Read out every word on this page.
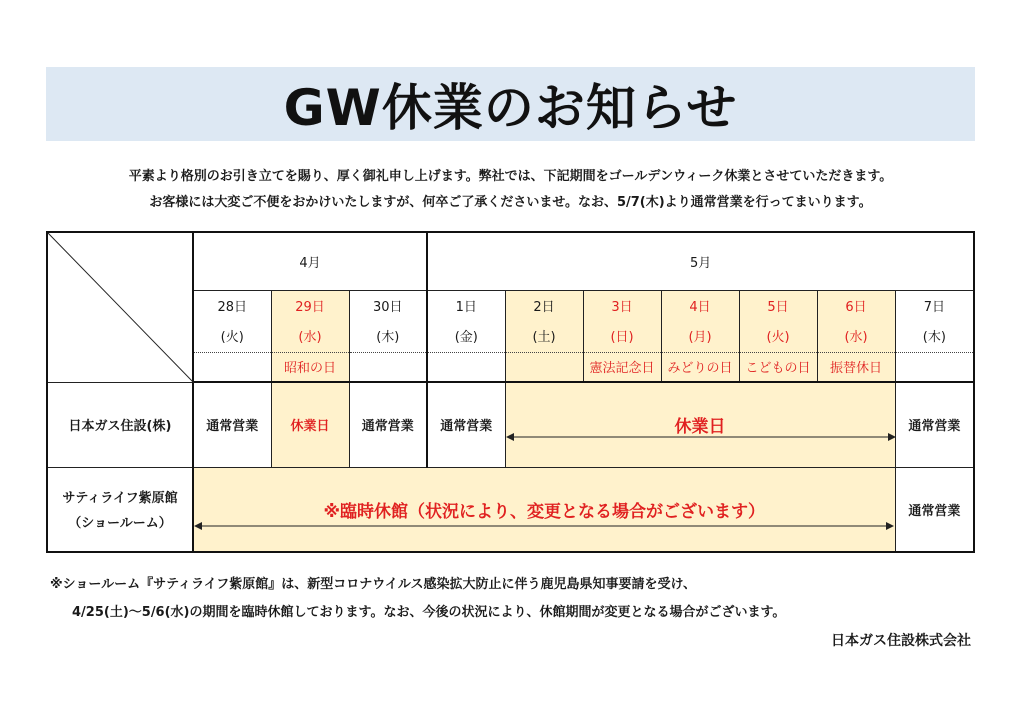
GW休業のお知らせ
平素より格別のお引き立てを賜り、厚く御礼申し上げます。弊社では、下記期間をゴールデンウィーク休業とさせていただきます。
お客様には大変ご不便をおかけいたしますが、何卒ご了承くださいませ。なお、5/7(木)より通常営業を行ってまいります。
	4月			5月						
	28日	29日	30日	1日	2日	3日	4日	5日	6日	7日
	(火)	(水)	(木)	(金)	(土)	(日)	(月)	(火)	(水)	(木)
		昭和の日				憲法記念日	みどりの日	こどもの日	振替休日	
日本ガス住設(株)	通常営業	休業日	通常営業	通常営業	休業日					通常営業

サティライフ紫原館
（ショールーム）	※臨時休館（状況により、変更となる場合がございます）									通常営業
※ショールーム『サティライフ紫原館』は、新型コロナウイルス感染拡大防止に伴う鹿児島県知事要請を受け、
4/25(土)～5/6(水)の期間を臨時休館しております。なお、今後の状況により、休館期間が変更となる場合がございます。
日本ガス住設株式会社
